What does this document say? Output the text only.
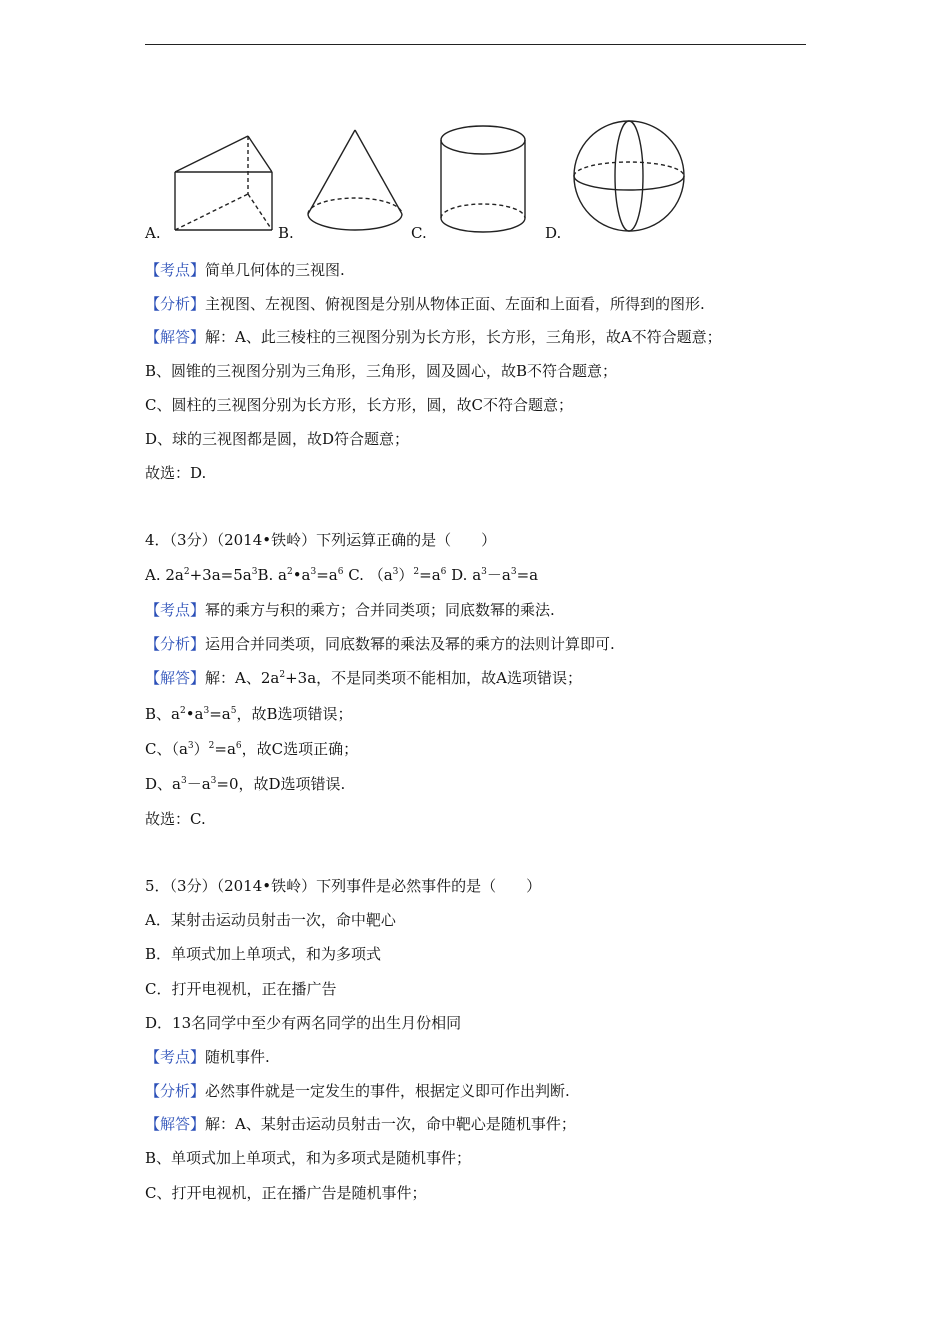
A.	B.	C.	D.
【考点】简单几何体的三视图.
【分析】主视图、左视图、俯视图是分别从物体正面、左面和上面看，所得到的图形.
【解答】解：A、此三棱柱的三视图分别为长方形，长方形，三角形，故A不符合题意；
B、圆锥的三视图分别为三角形，三角形，圆及圆心，故B不符合题意；
C、圆柱的三视图分别为长方形，长方形，圆，故C不符合题意；
D、球的三视图都是圆，故D符合题意；
故选：D.
4．（3分）（2014•铁岭）下列运算正确的是（　　）
A. $2a^2+3a=5a^3B$. $a^2•a^3=a^6$ C. $(a^3)^2=a^6$ D. $a^3-a^3=a$
【考点】幂的乘方与积的乘方；合并同类项；同底数幂的乘法.
【分析】运用合并同类项，同底数幂的乘法及幂的乘方的法则计算即可.
【解答】解：A、$2a^2+3a$，不是同类项不能相加，故A选项错误；
B、$a^2•a^3=a^5$，故B选项错误；
C、$(a^3)^2=a^6$，故C选项正确；
D、$a^3-a^3=0$，故D选项错误.
故选：C.
5．（3分）（2014•铁岭）下列事件是必然事件的是（　　）
A．某射击运动员射击一次，命中靶心
B．单项式加上单项式，和为多项式
C．打开电视机，正在播广告
D．13名同学中至少有两名同学的出生月份相同
【考点】随机事件.
【分析】必然事件就是一定发生的事件，根据定义即可作出判断.
【解答】解：A、某射击运动员射击一次，命中靶心是随机事件；
B、单项式加上单项式，和为多项式是随机事件；
C、打开电视机，正在播广告是随机事件；
